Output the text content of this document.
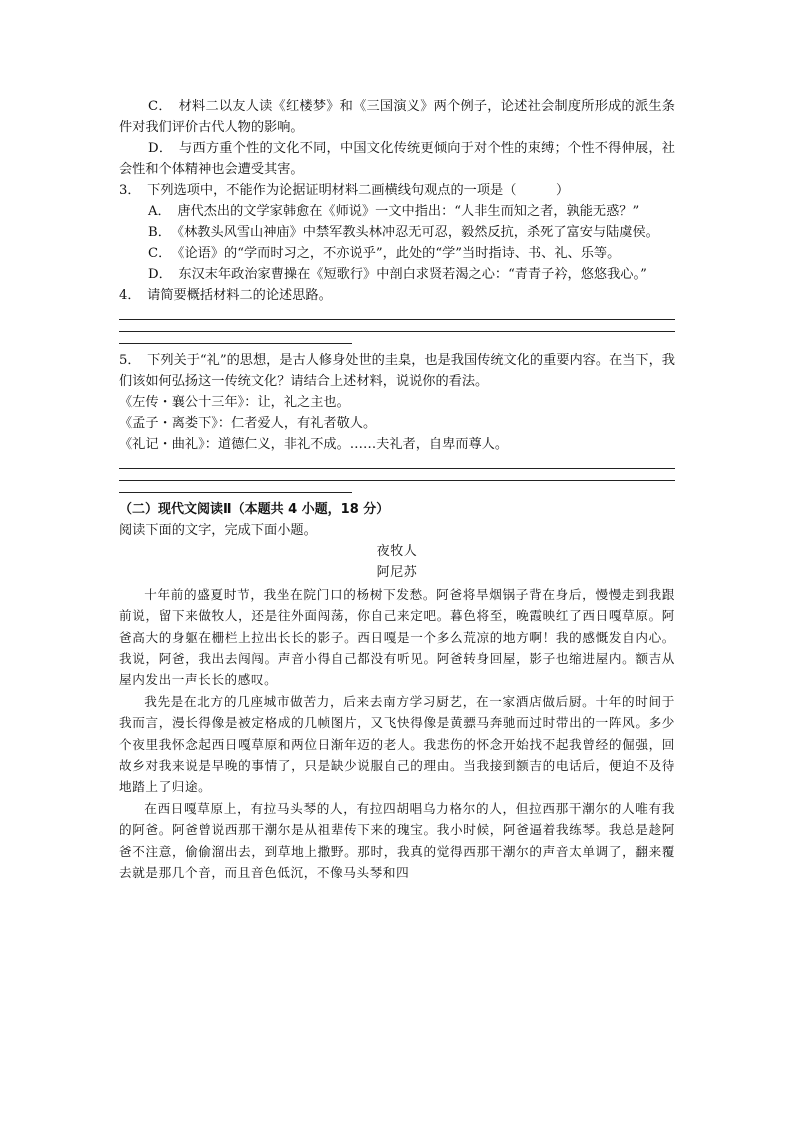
C．　材料二以友人读《红楼梦》和《三国演义》两个例子，论述社会制度所形成的派生条件对我们评价古代人物的影响。

D．　与西方重个性的文化不同，中国文化传统更倾向于对个性的束缚；个性不得伸展，社会性和个体精神也会遭受其害。

3．　下列选项中，不能作为论据证明材料二画横线句观点的一项是（　　　）

A．　唐代杰出的文学家韩愈在《师说》一文中指出：“人非生而知之者，孰能无惑？”

B．　《林教头风雪山神庙》中禁军教头林冲忍无可忍，毅然反抗，杀死了富安与陆虞侯。

C．　《论语》的“学而时习之，不亦说乎”，此处的“学”当时指诗、书、礼、乐等。

D．　东汉末年政治家曹操在《短歌行》中剖白求贤若渴之心：“青青子衿，悠悠我心。”

4．　请简要概括材料二的论述思路。

5．　下列关于“礼”的思想，是古人修身处世的圭臬，也是我国传统文化的重要内容。在当下，我们该如何弘扬这一传统文化？请结合上述材料，说说你的看法。

《左传・襄公十三年》：让，礼之主也。

《孟子・离娄下》：仁者爱人，有礼者敬人。

《礼记・曲礼》：道德仁义，非礼不成。……夫礼者，自卑而尊人。

（二）现代文阅读Ⅱ（本题共 4 小题，18 分）

阅读下面的文字，完成下面小题。

夜牧人

阿尼苏

十年前的盛夏时节，我坐在院门口的杨树下发愁。阿爸将旱烟锅子背在身后，慢慢走到我跟前说，留下来做牧人，还是往外面闯荡，你自己来定吧。暮色将至，晚霞映红了西日嘎草原。阿爸高大的身躯在栅栏上拉出长长的影子。西日嘎是一个多么荒凉的地方啊！我的感慨发自内心。我说，阿爸，我出去闯闯。声音小得自己都没有听见。阿爸转身回屋，影子也缩进屋内。额吉从屋内发出一声长长的感叹。

我先是在北方的几座城市做苦力，后来去南方学习厨艺，在一家酒店做后厨。十年的时间于我而言，漫长得像是被定格成的几帧图片，又飞快得像是黄骠马奔驰而过时带出的一阵风。多少个夜里我怀念起西日嘎草原和两位日渐年迈的老人。我悲伤的怀念开始找不起我曾经的倔强，回故乡对我来说是早晚的事情了，只是缺少说服自己的理由。当我接到额吉的电话后，便迫不及待地踏上了归途。

在西日嘎草原上，有拉马头琴的人，有拉四胡唱乌力格尔的人，但拉西那干潮尔的人唯有我的阿爸。阿爸曾说西那干潮尔是从祖辈传下来的瑰宝。我小时候，阿爸逼着我练琴。我总是趁阿爸不注意，偷偷溜出去，到草地上撒野。那时，我真的觉得西那干潮尔的声音太单调了，翻来覆去就是那几个音，而且音色低沉，不像马头琴和四
